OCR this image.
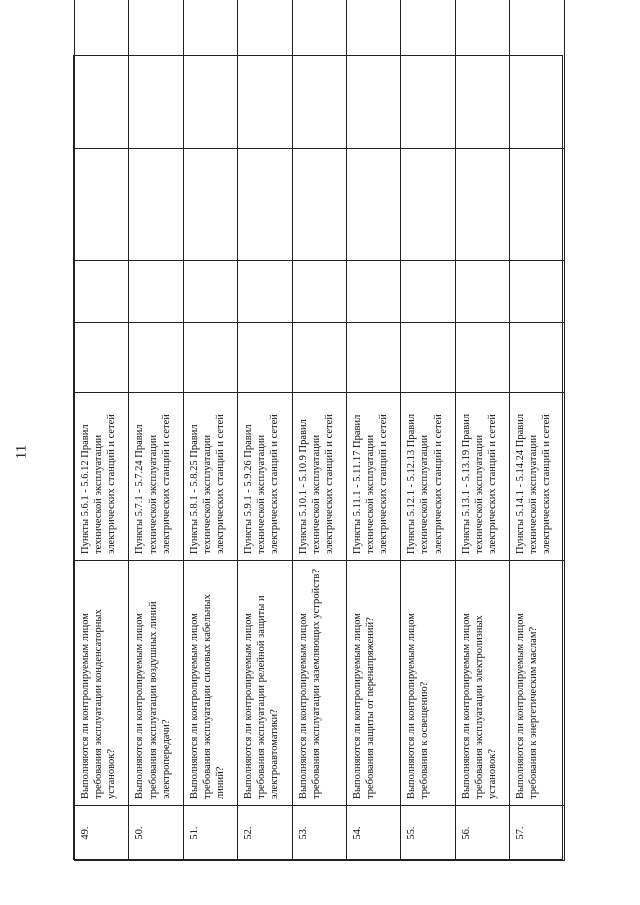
11
49.	Выполняются ли контролируемым лицом требования эксплуатации конденсаторных установок?	Пункты 5.6.1 - 5.6.12 Правил технической эксплуатации электрических станций и сетей				
50.	Выполняются ли контролируемым лицом требования эксплуатации воздушных линий электропередачи?	Пункты 5.7.1 - 5.7.24 Правил технической эксплуатации электрических станций и сетей				
51.	Выполняются ли контролируемым лицом требования эксплуатации силовых кабельных линий?	Пункты 5.8.1 - 5.8.25 Правил технической эксплуатации электрических станций и сетей				
52.	Выполняются ли контролируемым лицом требования эксплуатации релейной защиты и электроавтоматики?	Пункты 5.9.1 - 5.9.26 Правил технической эксплуатации электрических станций и сетей				
53.	Выполняются ли контролируемым лицом требования эксплуатации заземляющих устройств?	Пункты 5.10.1 - 5.10.9 Правил технической эксплуатации электрических станций и сетей				
54.	Выполняются ли контролируемым лицом требования защиты от перенапряжений?	Пункты 5.11.1 - 5.11.17 Правил технической эксплуатации электрических станций и сетей				
55.	Выполняются ли контролируемым лицом требования к освещению?	Пункты 5.12.1 - 5.12.13 Правил технической эксплуатации электрических станций и сетей				
56.	Выполняются ли контролируемым лицом требования эксплуатации электролизных установок?	Пункты 5.13.1 - 5.13.19 Правил технической эксплуатации электрических станций и сетей				
57.	Выполняются ли контролируемым лицом требования к энергетическим маслам?	Пункты 5.14.1 - 5.14.24 Правил технической эксплуатации электрических станций и сетей				
